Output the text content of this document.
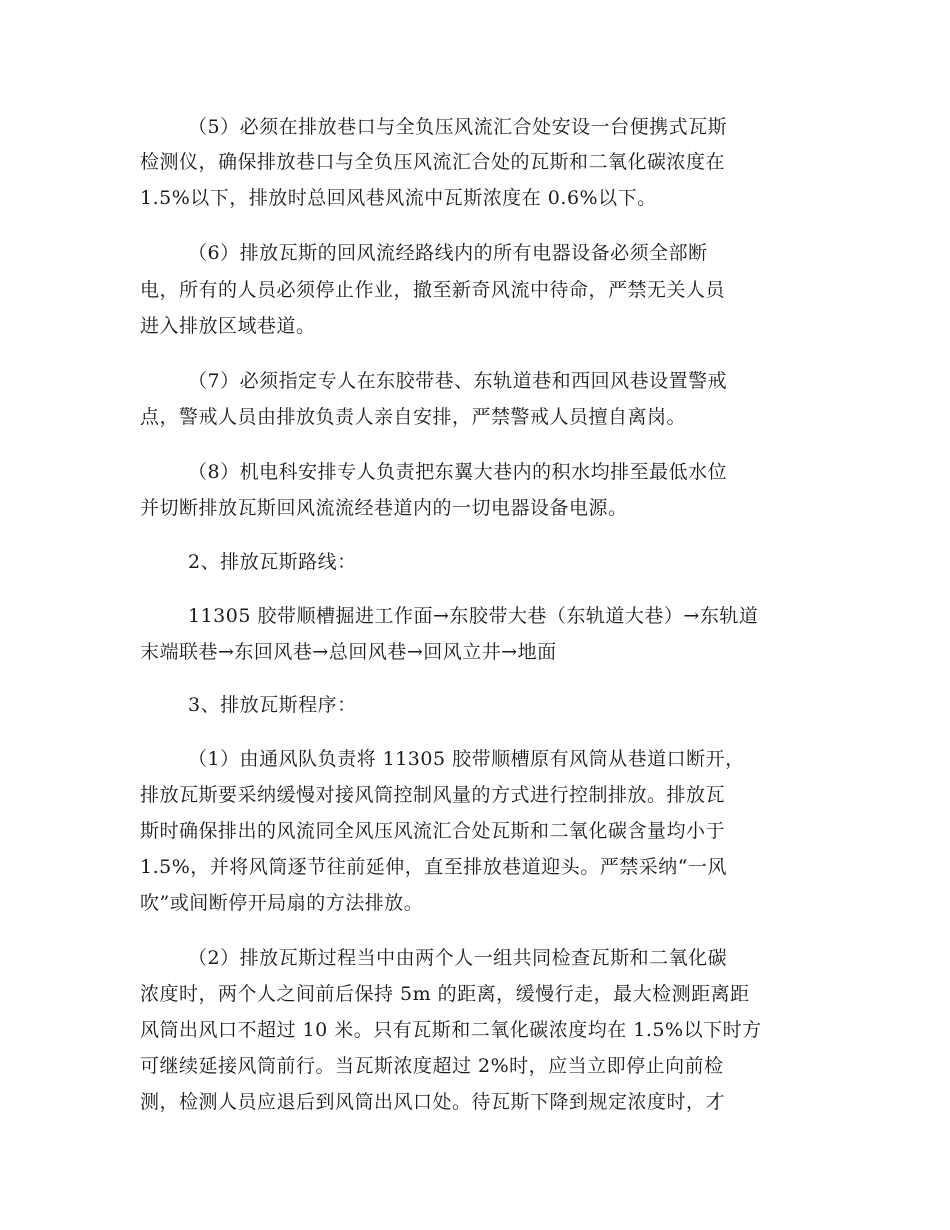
（5）必须在排放巷口与全负压风流汇合处安设一台便携式瓦斯
检测仪，确保排放巷口与全负压风流汇合处的瓦斯和二氧化碳浓度在
1.5%以下，排放时总回风巷风流中瓦斯浓度在 0.6%以下。
（6）排放瓦斯的回风流经路线内的所有电器设备必须全部断
电，所有的人员必须停止作业，撤至新奇风流中待命，严禁无关人员
进入排放区域巷道。
（7）必须指定专人在东胶带巷、东轨道巷和西回风巷设置警戒
点，警戒人员由排放负责人亲自安排，严禁警戒人员擅自离岗。
（8）机电科安排专人负责把东翼大巷内的积水均排至最低水位
并切断排放瓦斯回风流流经巷道内的一切电器设备电源。
2、排放瓦斯路线：
11305 胶带顺槽掘进工作面→东胶带大巷（东轨道大巷）→东轨道
末端联巷→东回风巷→总回风巷→回风立井→地面
3、排放瓦斯程序：
（1）由通风队负责将 11305 胶带顺槽原有风筒从巷道口断开，
排放瓦斯要采纳缓慢对接风筒控制风量的方式进行控制排放。排放瓦
斯时确保排出的风流同全风压风流汇合处瓦斯和二氧化碳含量均小于
1.5%，并将风筒逐节往前延伸，直至排放巷道迎头。严禁采纳“一风
吹”或间断停开局扇的方法排放。
（2）排放瓦斯过程当中由两个人一组共同检查瓦斯和二氧化碳
浓度时，两个人之间前后保持 5m 的距离，缓慢行走，最大检测距离距
风筒出风口不超过 10 米。只有瓦斯和二氧化碳浓度均在 1.5%以下时方
可继续延接风筒前行。当瓦斯浓度超过 2%时，应当立即停止向前检
测，检测人员应退后到风筒出风口处。待瓦斯下降到规定浓度时，才
